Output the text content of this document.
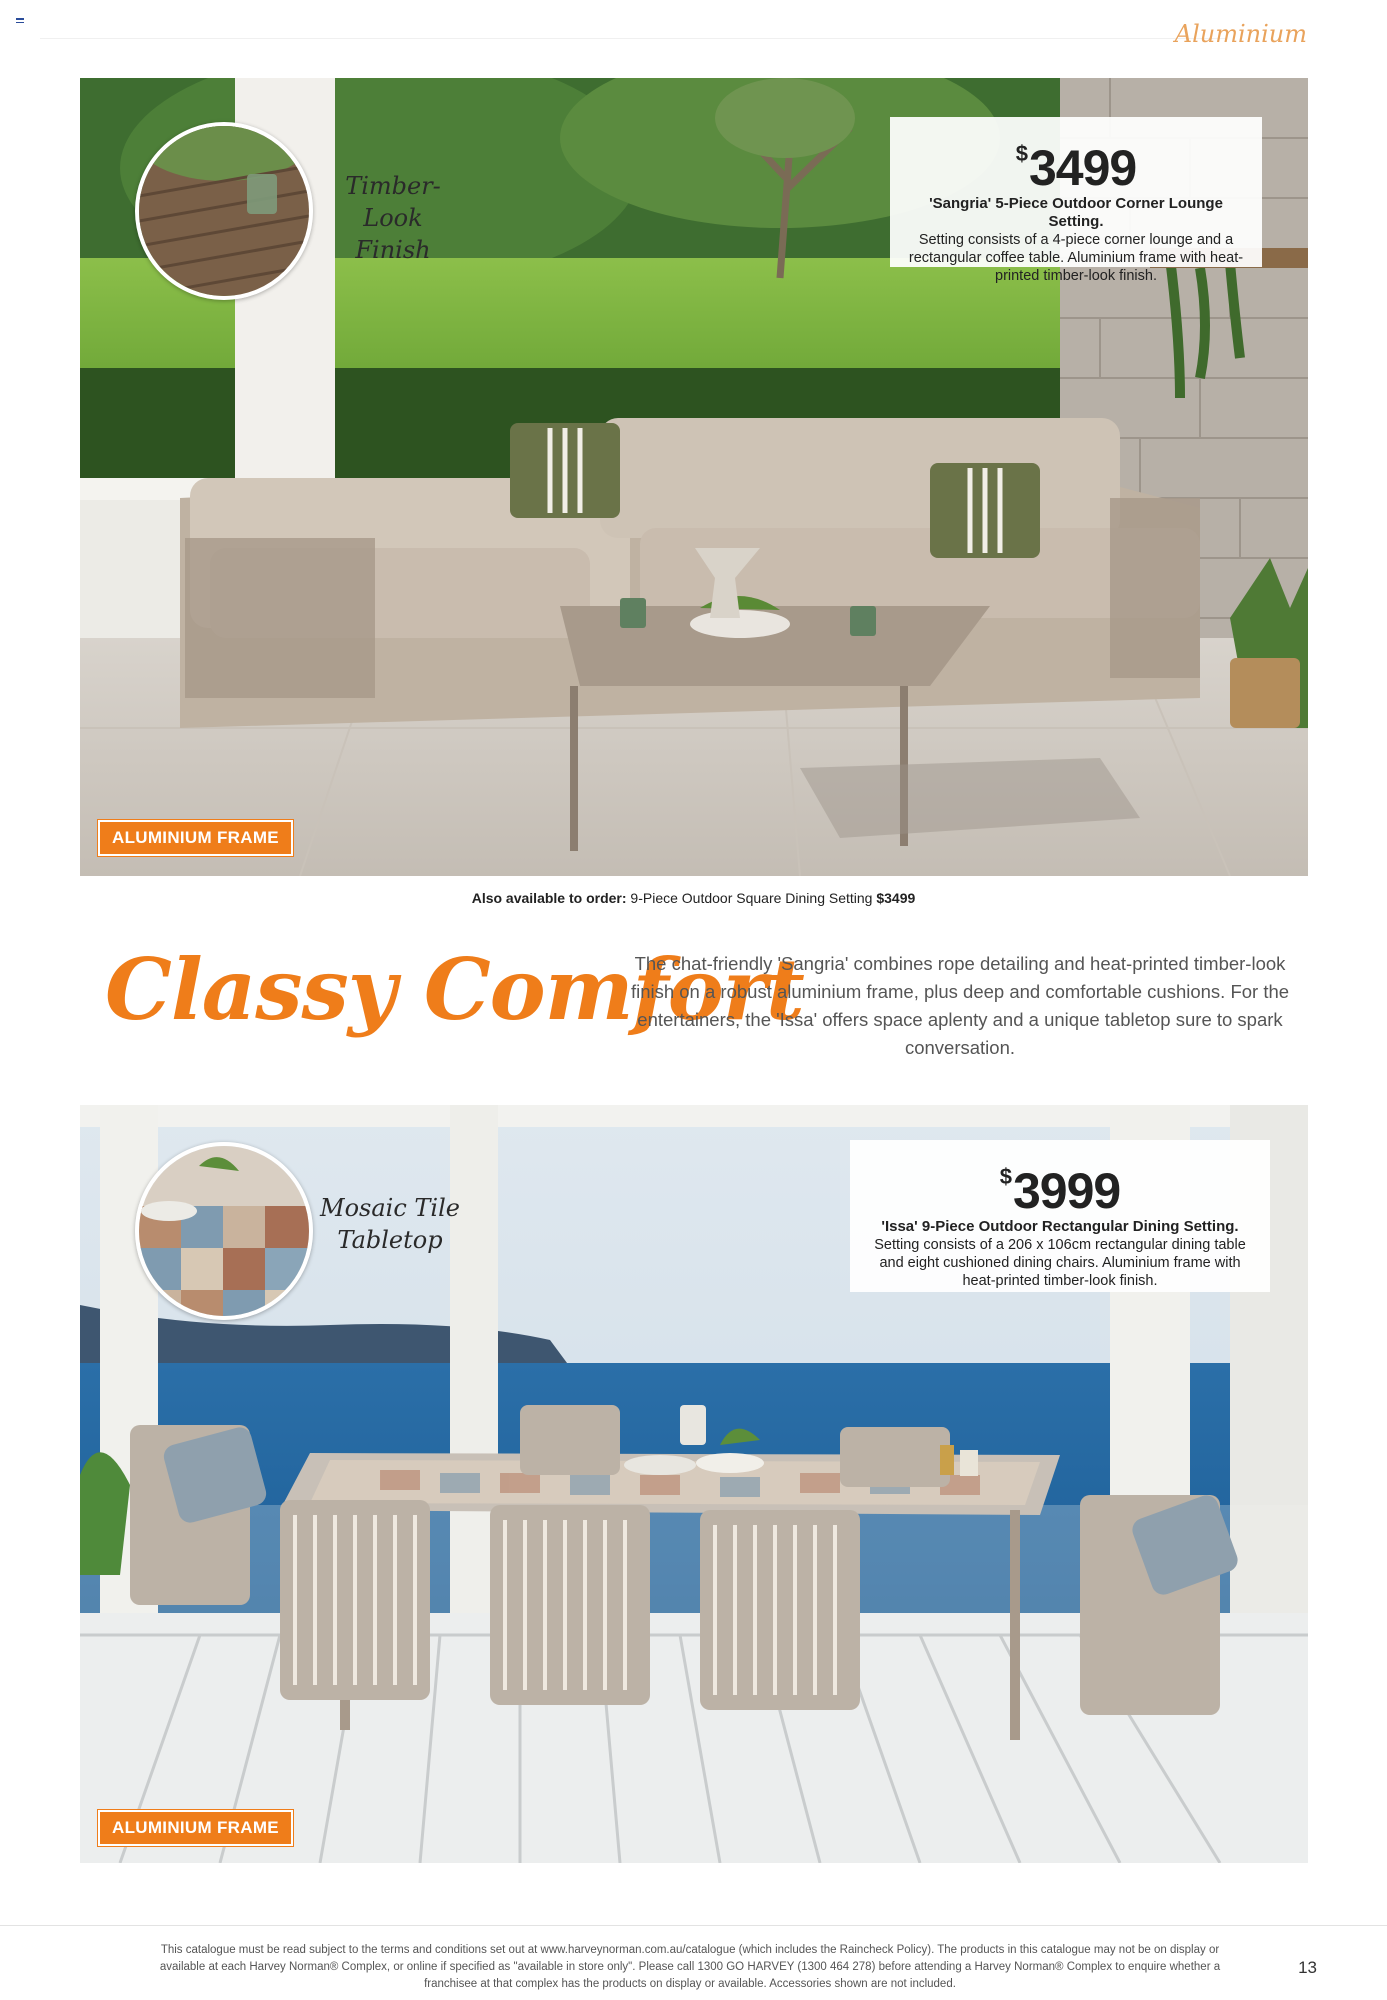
Aluminium
Timber-Look
Finish
$3499
'Sangria' 5-Piece Outdoor Corner Lounge Setting.
Setting consists of a 4-piece corner lounge and a rectangular coffee table. Aluminium frame with heat-printed timber-look finish.
ALUMINIUM FRAME
Also available to order: 9-Piece Outdoor Square Dining Setting $3499
Classy Comfort
The chat-friendly 'Sangria' combines rope detailing and heat-printed timber-look finish on a robust aluminium frame, plus deep and comfortable cushions. For the entertainers, the 'Issa' offers space aplenty and a unique tabletop sure to spark conversation.
Mosaic Tile
Tabletop
$3999
'Issa' 9-Piece Outdoor Rectangular Dining Setting.
Setting consists of a 206 x 106cm rectangular dining table and eight cushioned dining chairs. Aluminium frame with heat-printed timber-look finish.
ALUMINIUM FRAME
This catalogue must be read subject to the terms and conditions set out at www.harveynorman.com.au/catalogue (which includes the Raincheck Policy). The products in this catalogue may not be on display or available at each Harvey Norman® Complex, or online if specified as "available in store only". Please call 1300 GO HARVEY (1300 464 278) before attending a Harvey Norman® Complex to enquire whether a franchisee at that complex has the products on display or available. Accessories shown are not included.
13
